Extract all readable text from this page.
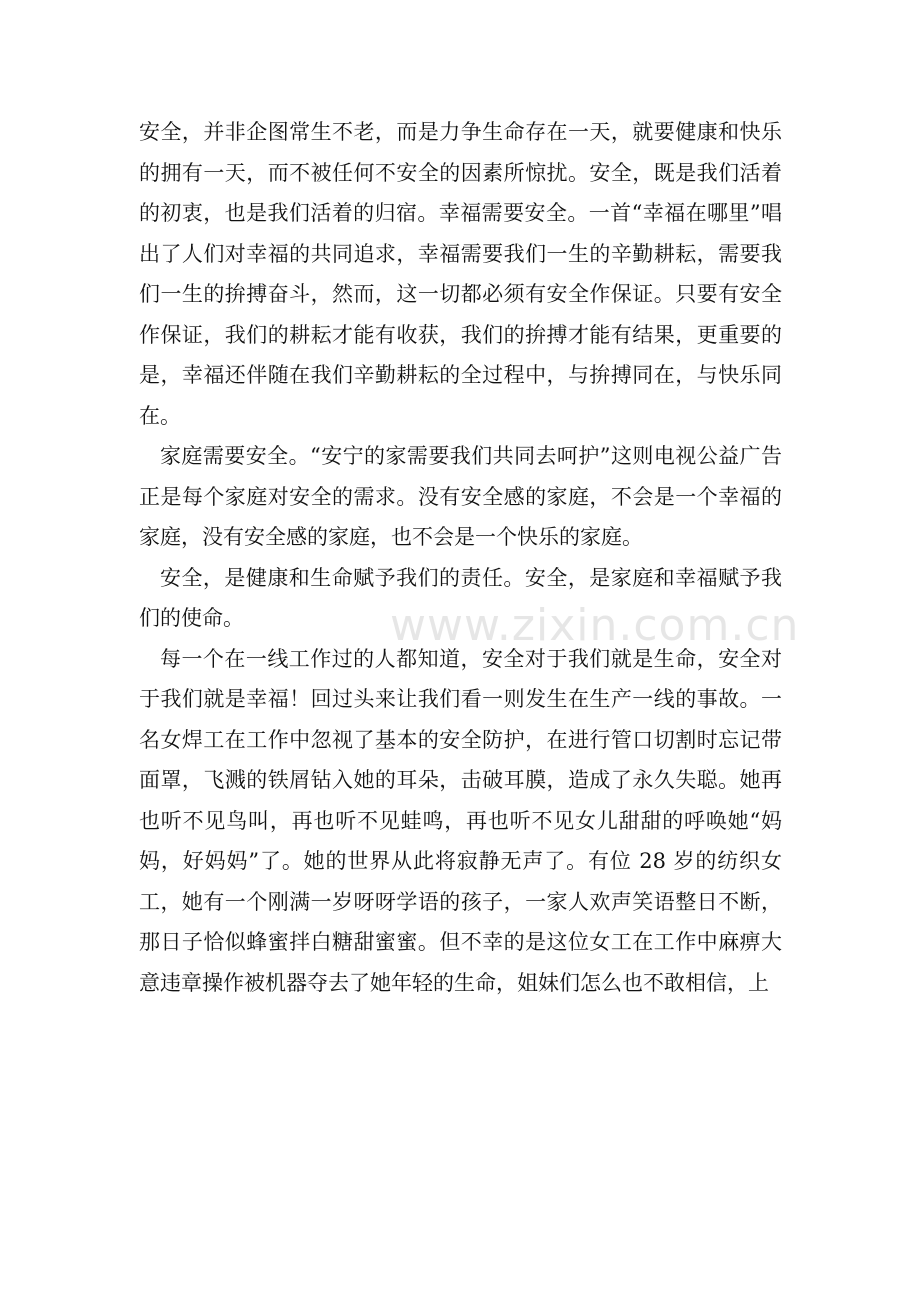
安全，并非企图常生不老，而是力争生命存在一天，就要健康和快乐的拥有一天，而不被任何不安全的因素所惊扰。安全，既是我们活着的初衷，也是我们活着的归宿。幸福需要安全。一首“幸福在哪里”唱出了人们对幸福的共同追求，幸福需要我们一生的辛勤耕耘，需要我们一生的拚搏奋斗，然而，这一切都必须有安全作保证。只要有安全作保证，我们的耕耘才能有收获，我们的拚搏才能有结果，更重要的是，幸福还伴随在我们辛勤耕耘的全过程中，与拚搏同在，与快乐同在。

家庭需要安全。“安宁的家需要我们共同去呵护”这则电视公益广告正是每个家庭对安全的需求。没有安全感的家庭，不会是一个幸福的家庭，没有安全感的家庭，也不会是一个快乐的家庭。

安全，是健康和生命赋予我们的责任。安全，是家庭和幸福赋予我们的使命。

每一个在一线工作过的人都知道，安全对于我们就是生命，安全对于我们就是幸福！回过头来让我们看一则发生在生产一线的事故。一名女焊工在工作中忽视了基本的安全防护，在进行管口切割时忘记带面罩，飞溅的铁屑钻入她的耳朵，击破耳膜，造成了永久失聪。她再也听不见鸟叫，再也听不见蛙鸣，再也听不见女儿甜甜的呼唤她“妈妈，好妈妈”了。她的世界从此将寂静无声了。有位 28 岁的纺织女工，她有一个刚满一岁呀呀学语的孩子，一家人欢声笑语整日不断，那日子恰似蜂蜜拌白糖甜蜜蜜。但不幸的是这位女工在工作中麻痹大意违章操作被机器夺去了她年轻的生命，姐妹们怎么也不敢相信，上

www.zixin.com.cn
